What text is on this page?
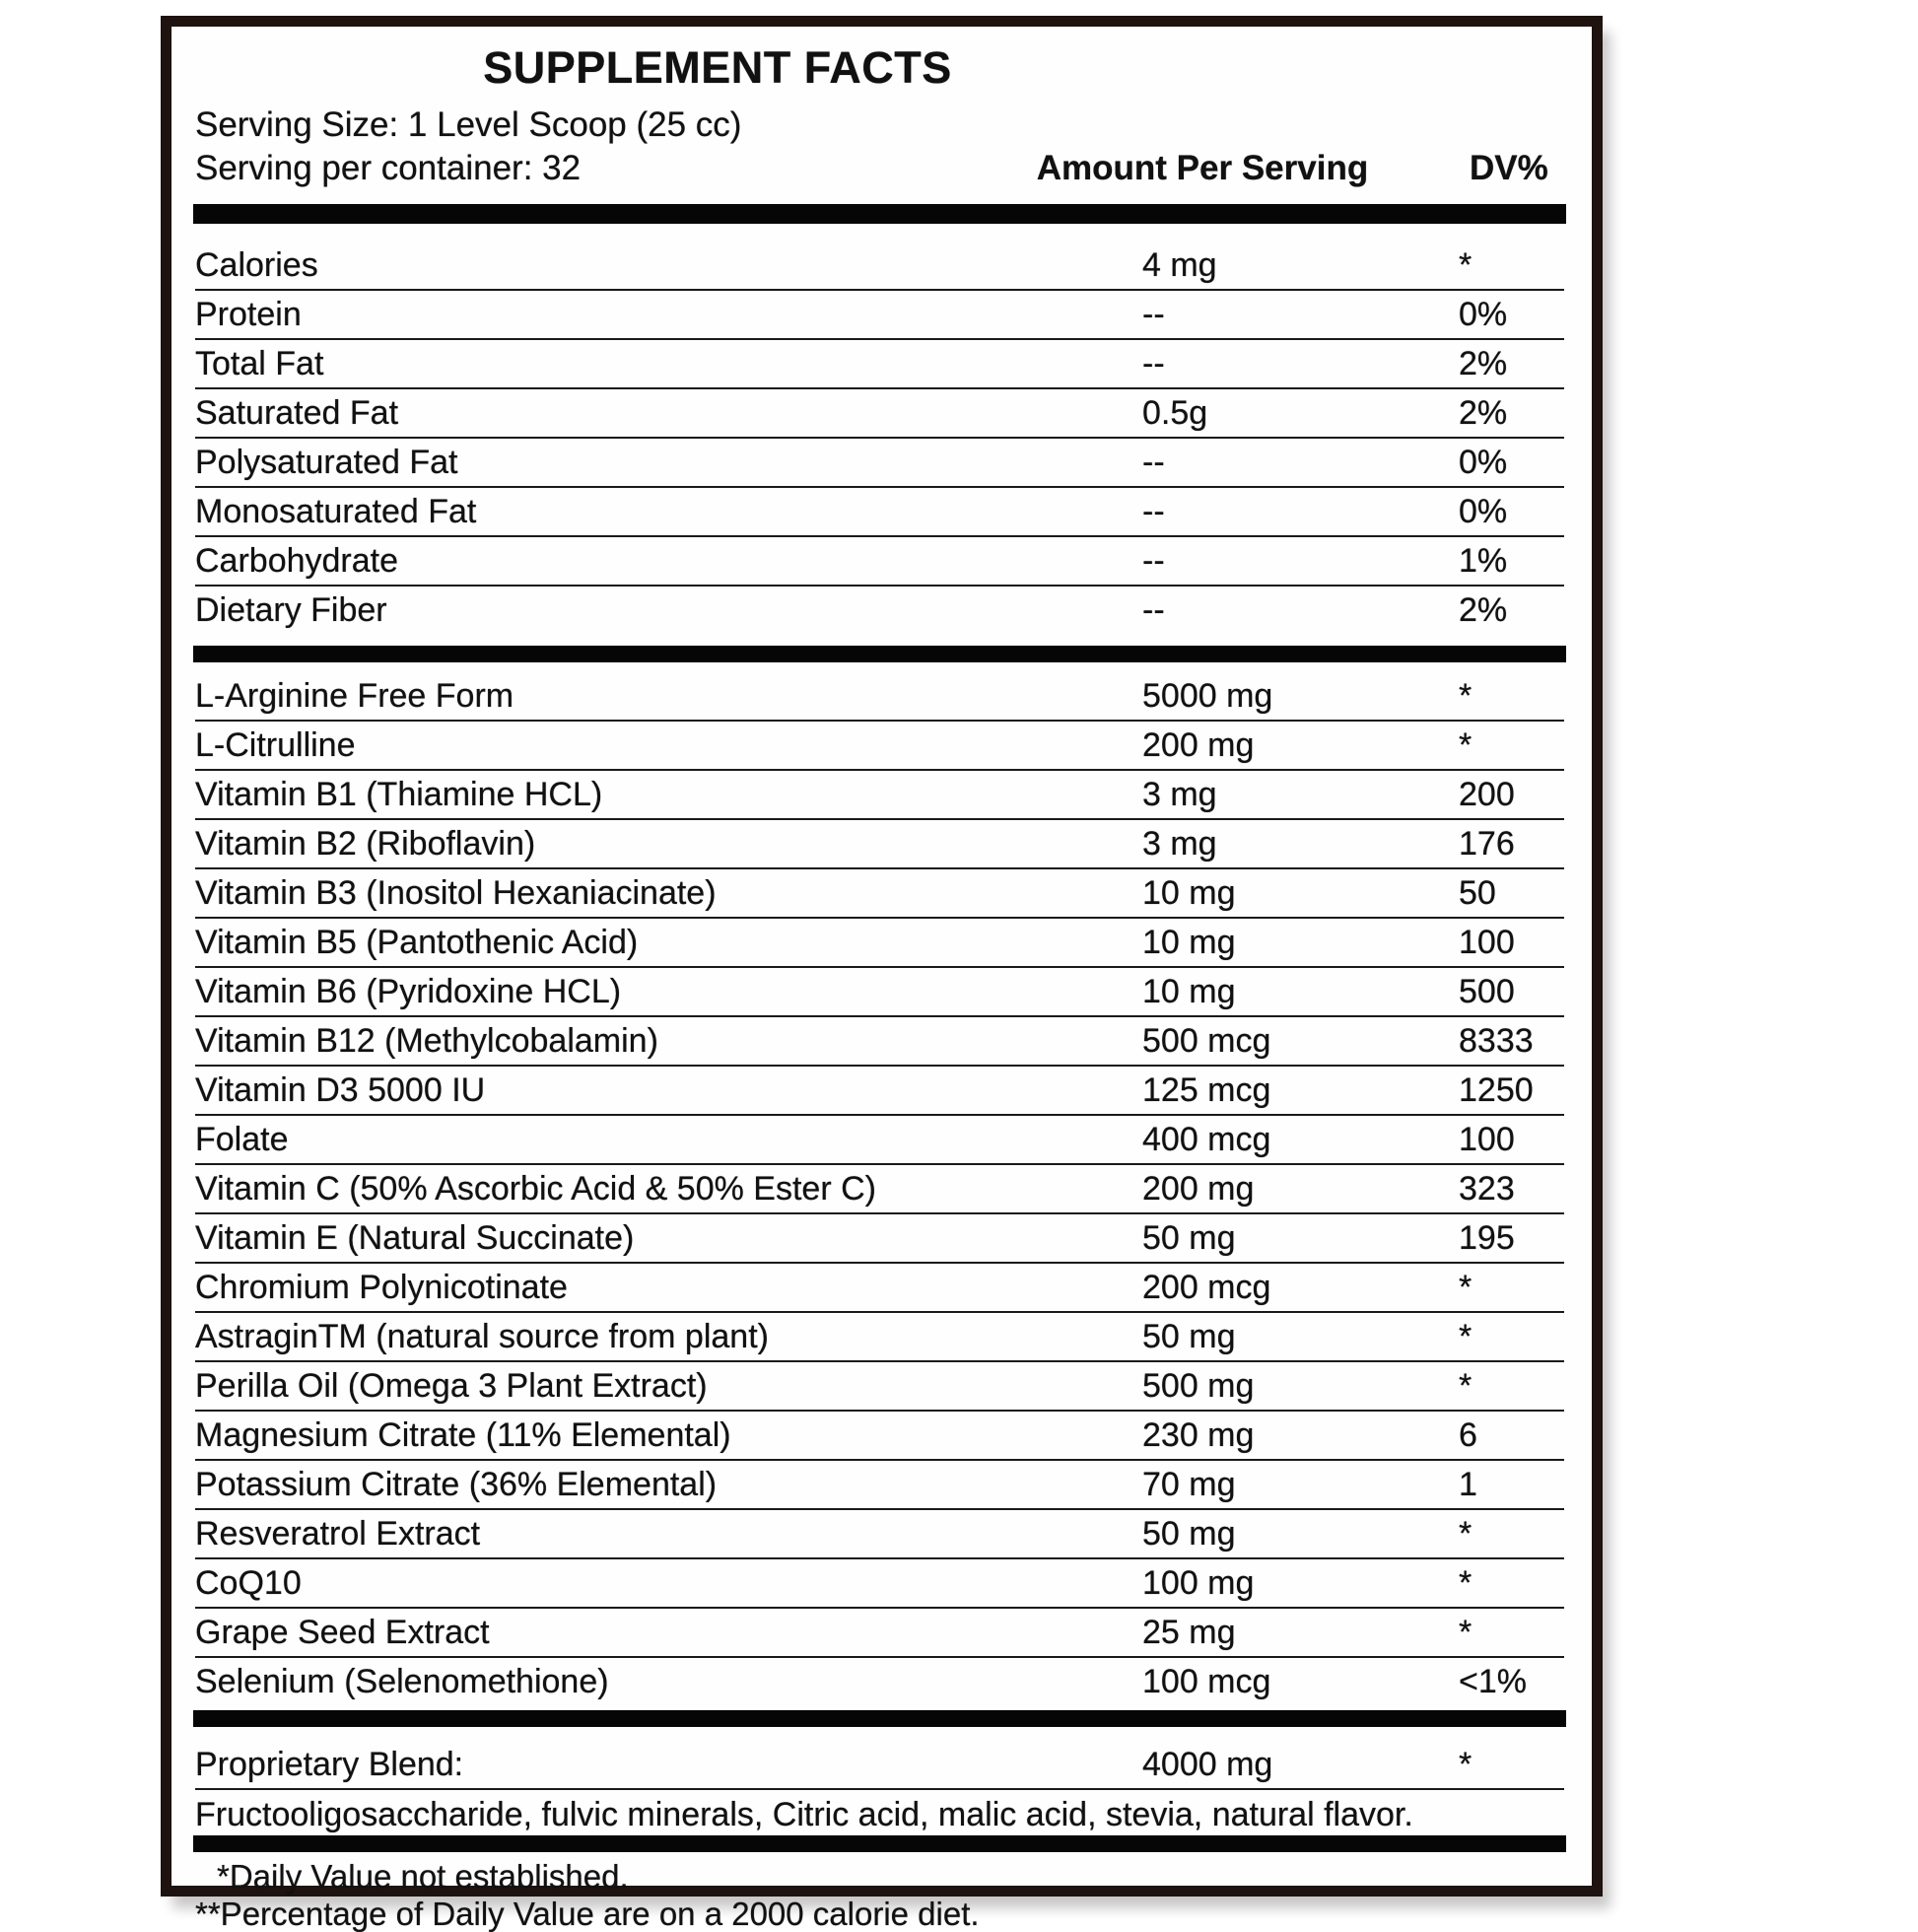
SUPPLEMENT FACTS
Serving Size: 1 Level Scoop (25 cc)
Serving per container: 32	Amount Per Serving	DV%
Calories	4 mg	*
Protein	--	0%
Total Fat	--	2%
Saturated Fat	0.5g	2%
Polysaturated Fat	--	0%
Monosaturated Fat	--	0%
Carbohydrate	--	1%
Dietary Fiber	--	2%
L-Arginine Free Form	5000 mg	*
L-Citrulline	200 mg	*
Vitamin B1 (Thiamine HCL)	3 mg	200
Vitamin B2 (Riboflavin)	3 mg	176
Vitamin B3 (Inositol Hexaniacinate)	10 mg	50
Vitamin B5 (Pantothenic Acid)	10 mg	100
Vitamin B6 (Pyridoxine HCL)	10 mg	500
Vitamin B12 (Methylcobalamin)	500 mcg	8333
Vitamin D3 5000 IU	125 mcg	1250
Folate	400 mcg	100
Vitamin C (50% Ascorbic Acid & 50% Ester C)	200 mg	323
Vitamin E (Natural Succinate)	50 mg	195
Chromium Polynicotinate	200 mcg	*
AstraginTM (natural source from plant)	50 mg	*
Perilla Oil (Omega 3 Plant Extract)	500 mg	*
Magnesium Citrate (11% Elemental)	230 mg	6
Potassium Citrate (36% Elemental)	70 mg	1
Resveratrol Extract	50 mg	*
CoQ10	100 mg	*
Grape Seed Extract	25 mg	*
Selenium (Selenomethione)	100 mcg	<1%
Proprietary Blend:	4000 mg	*
Fructooligosaccharide, fulvic minerals, Citric acid, malic acid, stevia, natural flavor.
*Daily Value not established.
**Percentage of Daily Value are on a 2000 calorie diet.
